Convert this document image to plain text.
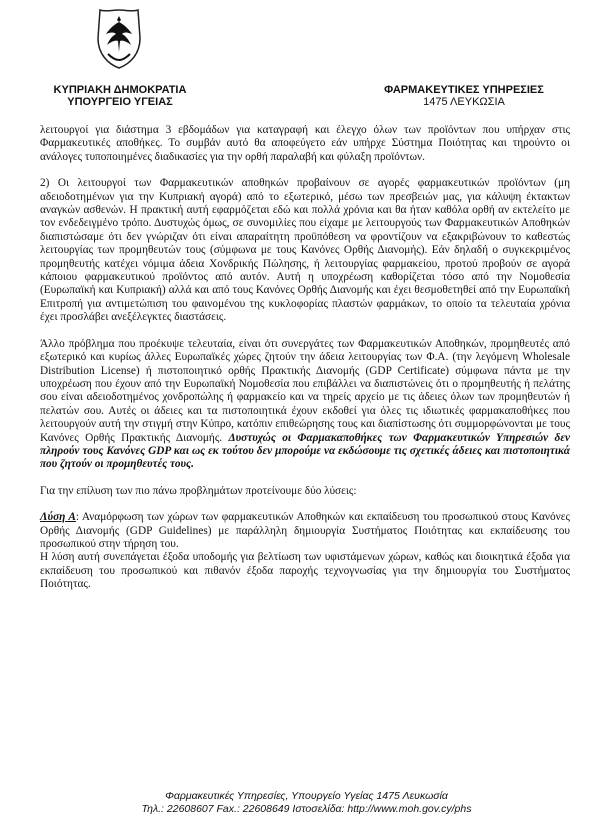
ΚΥΠΡΙΑΚΗ ΔΗΜΟΚΡΑΤΙΑ
ΥΠΟΥΡΓΕΙΟ ΥΓΕΙΑΣ
ΦΑΡΜΑΚΕΥΤΙΚΕΣ ΥΠΗΡΕΣΙΕΣ
1475 ΛΕΥΚΩΣΙΑ

λειτουργοί για διάστημα 3 εβδομάδων για καταγραφή και έλεγχο όλων των προϊόντων που υπήρχαν στις Φαρμακευτικές αποθήκες. Το συμβάν αυτό θα αποφεύγετο εάν υπήρχε Σύστημα Ποιότητας και τηρούντο οι ανάλογες τυποποιημένες διαδικασίες για την ορθή παραλαβή και φύλαξη προϊόντων.

2) Οι λειτουργοί των Φαρμακευτικών αποθηκών προβαίνουν σε αγορές φαρμακευτικών προϊόντων (μη αδειοδοτημένων για την Κυπριακή αγορά) από το εξωτερικό, μέσω των πρεσβειών μας, για κάλυψη έκτακτων αναγκών ασθενών. Η πρακτική αυτή εφαρμόζεται εδώ και πολλά χρόνια και θα ήταν καθόλα ορθή αν εκτελείτο με τον ενδεδειγμένο τρόπο. Δυστυχώς όμως, σε συνομιλίες που είχαμε με λειτουργούς των Φαρμακευτικών Αποθηκών διαπιστώσαμε ότι δεν γνώριζαν ότι είναι απαραίτητη προϋπόθεση να φροντίζουν να εξακριβώνουν το καθεστώς λειτουργίας των προμηθευτών τους (σύμφωνα με τους Κανόνες Ορθής Διανομής). Εάν δηλαδή ο συγκεκριμένος προμηθευτής κατέχει νόμιμα άδεια Χονδρικής Πώλησης, ή λειτουργίας φαρμακείου, προτού προβούν σε αγορά κάποιου φαρμακευτικού προϊόντος από αυτόν. Αυτή η υποχρέωση καθορίζεται τόσο από την Νομοθεσία (Ευρωπαϊκή και Κυπριακή) αλλά και από τους Κανόνες Ορθής Διανομής και έχει θεσμοθετηθεί από την Ευρωπαϊκή Επιτροπή για αντιμετώπιση του φαινομένου της κυκλοφορίας πλαστών φαρμάκων, το οποίο τα τελευταία χρόνια έχει προσλάβει ανεξέλεγκτες διαστάσεις.

Άλλο πρόβλημα που προέκυψε τελευταία, είναι ότι συνεργάτες των Φαρμακευτικών Αποθηκών, προμηθευτές από εξωτερικό και κυρίως άλλες Ευρωπαϊκές χώρες ζητούν την άδεια λειτουργίας των Φ.Α. (την λεγόμενη Wholesale Distribution License) ή πιστοποιητικό ορθής Πρακτικής Διανομής (GDP Certificate) σύμφωνα πάντα με την υποχρέωση που έχουν από την Ευρωπαϊκή Νομοθεσία που επιβάλλει να διαπιστώνεις ότι ο προμηθευτής ή πελάτης σου είναι αδειοδοτημένος χονδροπώλης ή φαρμακείο και να τηρείς αρχείο με τις άδειες όλων των προμηθευτών ή πελατών σου. Αυτές οι άδειες και τα πιστοποιητικά έχουν εκδοθεί για όλες τις ιδιωτικές φαρμακαποθήκες που λειτουργούν αυτή την στιγμή στην Κύπρο, κατόπιν επιθεώρησης τους και διαπίστωσης ότι συμμορφώνονται με τους Κανόνες Ορθής Πρακτικής Διανομής. Δυστυχώς οι Φαρμακαποθήκες των Φαρμακευτικών Υπηρεσιών δεν πληρούν τους Κανόνες GDP και ως εκ τούτου δεν μπορούμε να εκδώσουμε τις σχετικές άδειες και πιστοποιητικά που ζητούν οι προμηθευτές τους.

Για την επίλυση των πιο πάνω προβλημάτων προτείνουμε δύο λύσεις:

Λύση Α: Αναμόρφωση των χώρων των φαρμακευτικών Αποθηκών και εκπαίδευση του προσωπικού στους Κανόνες Ορθής Διανομής (GDP Guidelines) με παράλληλη δημιουργία Συστήματος Ποιότητας και εκπαίδευσης του προσωπικού στην τήρηση του.

Η λύση αυτή συνεπάγεται έξοδα υποδομής για βελτίωση των υφιστάμενων χώρων, καθώς και διοικητικά έξοδα για εκπαίδευση του προσωπικού και πιθανόν έξοδα παροχής τεχνογνωσίας για την δημιουργία του Συστήματος Ποιότητας.

Φαρμακευτικές Υπηρεσίες, Υπουργείο Υγείας 1475 Λευκωσία
Τηλ.: 22608607 Fax.: 22608649 Ιστοσελίδα: http://www.moh.gov.cy/phs
